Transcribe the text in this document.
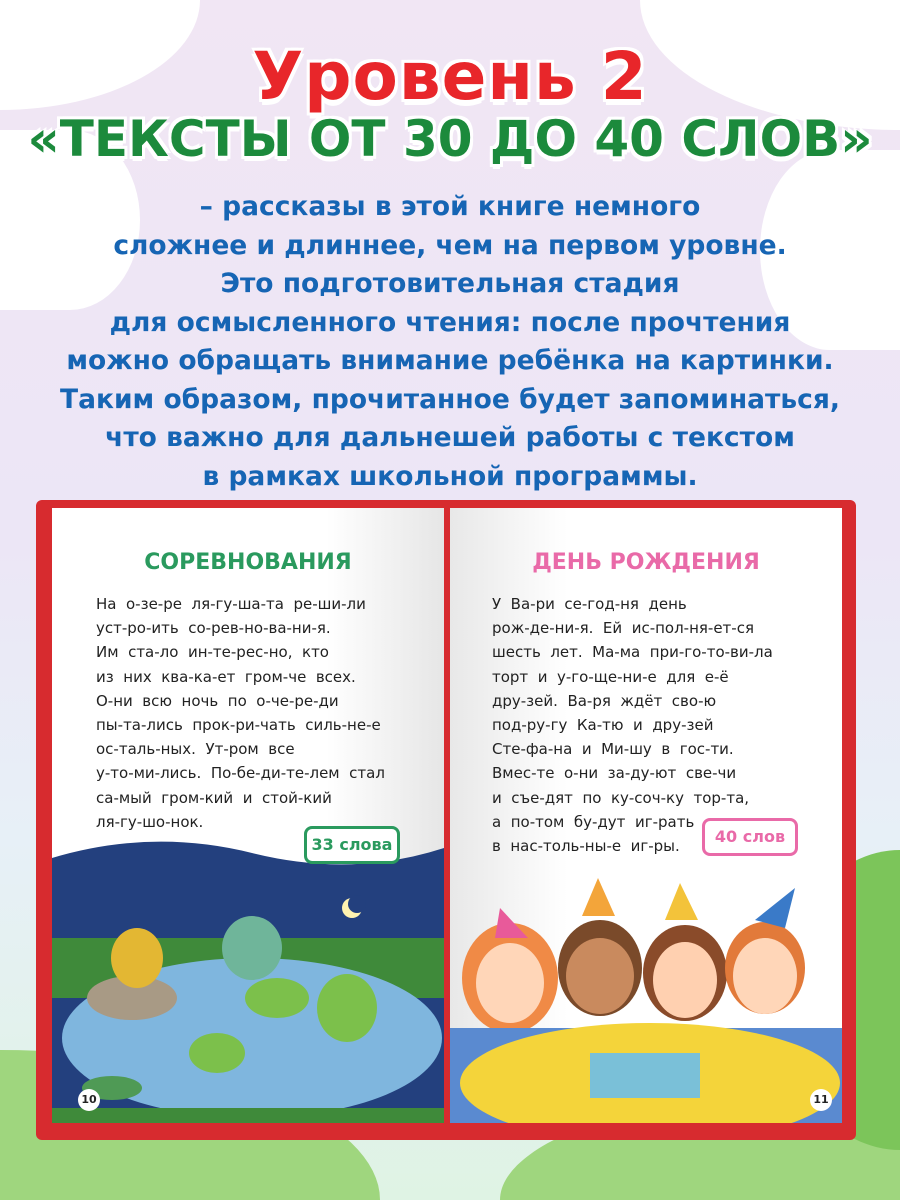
Уровень 2
«ТЕКСТЫ ОТ 30 ДО 40 СЛОВ»
– рассказы в этой книге немного
сложнее и длиннее, чем на первом уровне.
Это подготовительная стадия
для осмысленного чтения: после прочтения
можно обращать внимание ребёнка на картинки.
Таким образом, прочитанное будет запоминаться,
что важно для дальнешей работы с текстом
в рамках школьной программы.
СОРЕВНОВАНИЯ
На  о-зе-ре  ля-гу-ша-та  ре-ши-ли
уст-ро-ить  со-рев-но-ва-ни-я.
Им  ста-ло  ин-те-рес-но,  кто
из  них  ква-ка-ет  гром-че  всех.
О-ни  всю  ночь  по  о-че-ре-ди
пы-та-лись  прок-ри-чать  силь-не-е
ос-таль-ных.  Ут-ром  все
у-то-ми-лись.  По-бе-ди-те-лем  стал
са-мый  гром-кий  и  стой-кий
ля-гу-шо-нок.
33 слова
10
ДЕНЬ РОЖДЕНИЯ
У  Ва-ри  се-год-ня  день
рож-де-ни-я.  Ей  ис-пол-ня-ет-ся
шесть  лет.  Ма-ма  при-го-то-ви-ла
торт  и  у-го-ще-ни-е  для  е-ё
дру-зей.  Ва-ря  ждёт  сво-ю
под-ру-гу  Ка-тю  и  дру-зей
Сте-фа-на  и  Ми-шу  в  гос-ти.
Вмес-те  о-ни  за-ду-ют  све-чи
и  съе-дят  по  ку-соч-ку  тор-та,
а  по-том  бу-дут  иг-рать
в  нас-толь-ны-е  иг-ры.
40 слов
11
